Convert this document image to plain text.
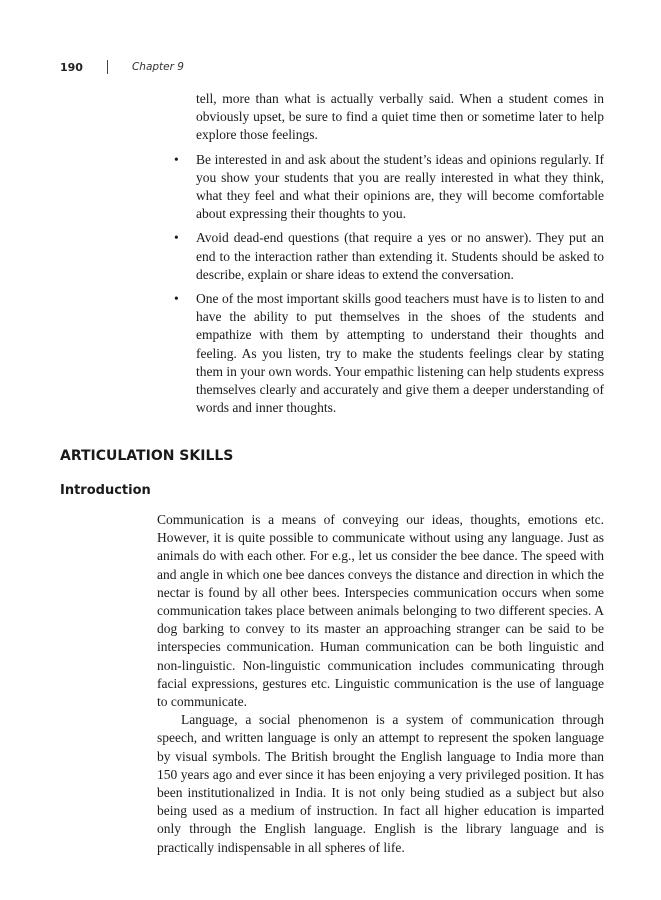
190	Chapter 9

tell, more than what is actually verbally said. When a student comes in obviously upset, be sure to find a quiet time then or sometime later to help explore those feelings.

• Be interested in and ask about the student’s ideas and opinions regularly. If you show your students that you are really interested in what they think, what they feel and what their opinions are, they will become comfortable about expressing their thoughts to you.

• Avoid dead-end questions (that require a yes or no answer). They put an end to the interaction rather than extending it. Students should be asked to describe, explain or share ideas to extend the conversation.

• One of the most important skills good teachers must have is to listen to and have the ability to put themselves in the shoes of the students and empathize with them by attempting to understand their thoughts and feeling. As you listen, try to make the students feelings clear by stating them in your own words. Your empathic listening can help students express themselves clearly and accurately and give them a deeper understanding of words and inner thoughts.

ARTICULATION SKILLS
Introduction

Communication is a means of conveying our ideas, thoughts, emotions etc. However, it is quite possible to communicate without using any language. Just as animals do with each other. For e.g., let us consider the bee dance. The speed with and angle in which one bee dances conveys the distance and direction in which the nectar is found by all other bees. Interspecies communication occurs when some communication takes place between animals belonging to two different species. A dog barking to convey to its master an approaching stranger can be said to be interspecies communication. Human communication can be both linguistic and non-linguistic. Non-linguistic communication includes communicating through facial expressions, gestures etc. Linguistic communication is the use of language to communicate.

Language, a social phenomenon is a system of communication through speech, and written language is only an attempt to represent the spoken language by visual symbols. The British brought the English language to India more than 150 years ago and ever since it has been enjoying a very privileged position. It has been institutionalized in India. It is not only being studied as a subject but also being used as a medium of instruction. In fact all higher education is imparted only through the English language. English is the library language and is practically indispensable in all spheres of life.
